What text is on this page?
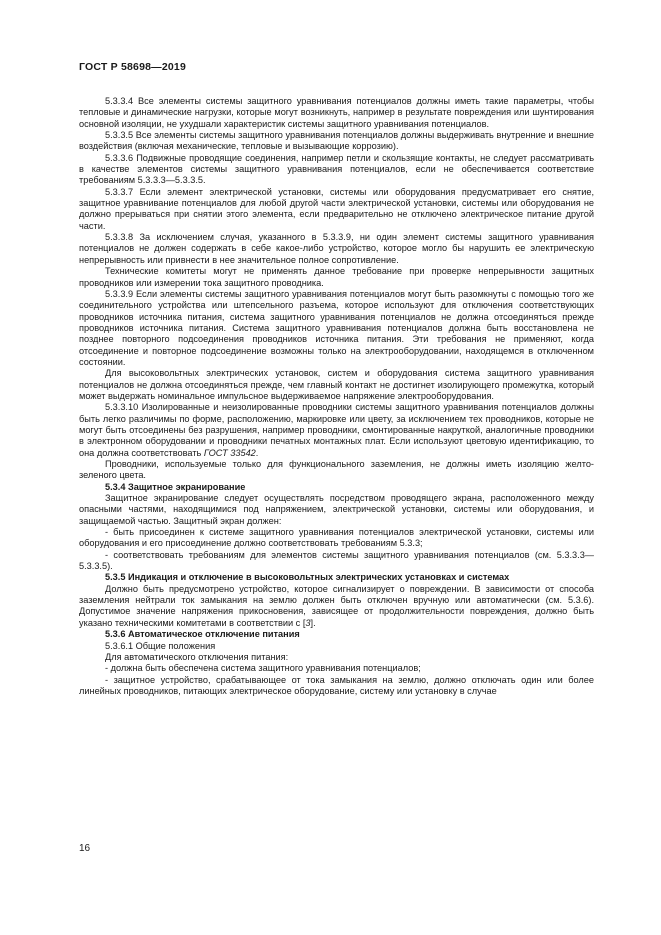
ГОСТ Р 58698—2019

5.3.3.4 Все элементы системы защитного уравнивания потенциалов должны иметь такие параметры, чтобы тепловые и динамические нагрузки, которые могут возникнуть, например в результате повреждения или шунтирования основной изоляции, не ухудшали характеристик системы защитного уравнивания потенциалов.

5.3.3.5 Все элементы системы защитного уравнивания потенциалов должны выдерживать внутренние и внешние воздействия (включая механические, тепловые и вызывающие коррозию).

5.3.3.6 Подвижные проводящие соединения, например петли и скользящие контакты, не следует рассматривать в качестве элементов системы защитного уравнивания потенциалов, если не обеспечивается соответствие требованиям 5.3.3.3—5.3.3.5.

5.3.3.7 Если элемент электрической установки, системы или оборудования предусматривает его снятие, защитное уравнивание потенциалов для любой другой части электрической установки, системы или оборудования не должно прерываться при снятии этого элемента, если предварительно не отключено электрическое питание другой части.

5.3.3.8 За исключением случая, указанного в 5.3.3.9, ни один элемент системы защитного уравнивания потенциалов не должен содержать в себе какое-либо устройство, которое могло бы нарушить ее электрическую непрерывность или привнести в нее значительное полное сопротивление.

Технические комитеты могут не применять данное требование при проверке непрерывности защитных проводников или измерении тока защитного проводника.

5.3.3.9 Если элементы системы защитного уравнивания потенциалов могут быть разомкнуты с помощью того же соединительного устройства или штепсельного разъема, которое используют для отключения соответствующих проводников источника питания, система защитного уравнивания потенциалов не должна отсоединяться прежде проводников источника питания. Система защитного уравнивания потенциалов должна быть восстановлена не позднее повторного подсоединения проводников источника питания. Эти требования не применяют, когда отсоединение и повторное подсоединение возможны только на электрооборудовании, находящемся в отключенном состоянии.

Для высоковольтных электрических установок, систем и оборудования система защитного уравнивания потенциалов не должна отсоединяться прежде, чем главный контакт не достигнет изолирующего промежутка, который может выдержать номинальное импульсное выдерживаемое напряжение электрооборудования.

5.3.3.10 Изолированные и неизолированные проводники системы защитного уравнивания потенциалов должны быть легко различимы по форме, расположению, маркировке или цвету, за исключением тех проводников, которые не могут быть отсоединены без разрушения, например проводники, смонтированные накруткой, аналогичные проводники в электронном оборудовании и проводники печатных монтажных плат. Если используют цветовую идентификацию, то она должна соответствовать ГОСТ 33542.

Проводники, используемые только для функционального заземления, не должны иметь изоляцию желто-зеленого цвета.

5.3.4 Защитное экранирование

Защитное экранирование следует осуществлять посредством проводящего экрана, расположенного между опасными частями, находящимися под напряжением, электрической установки, системы или оборудования, и защищаемой частью. Защитный экран должен:

- быть присоединен к системе защитного уравнивания потенциалов электрической установки, системы или оборудования и его присоединение должно соответствовать требованиям 5.3.3;

- соответствовать требованиям для элементов системы защитного уравнивания потенциалов (см. 5.3.3.3—5.3.3.5).

5.3.5 Индикация и отключение в высоковольтных электрических установках и системах

Должно быть предусмотрено устройство, которое сигнализирует о повреждении. В зависимости от способа заземления нейтрали ток замыкания на землю должен быть отключен вручную или автоматически (см. 5.3.6). Допустимое значение напряжения прикосновения, зависящее от продолжительности повреждения, должно быть указано техническими комитетами в соответствии с [3].

5.3.6 Автоматическое отключение питания

5.3.6.1 Общие положения

Для автоматического отключения питания:

- должна быть обеспечена система защитного уравнивания потенциалов;

- защитное устройство, срабатывающее от тока замыкания на землю, должно отключать один или более линейных проводников, питающих электрическое оборудование, систему или установку в случае

16
